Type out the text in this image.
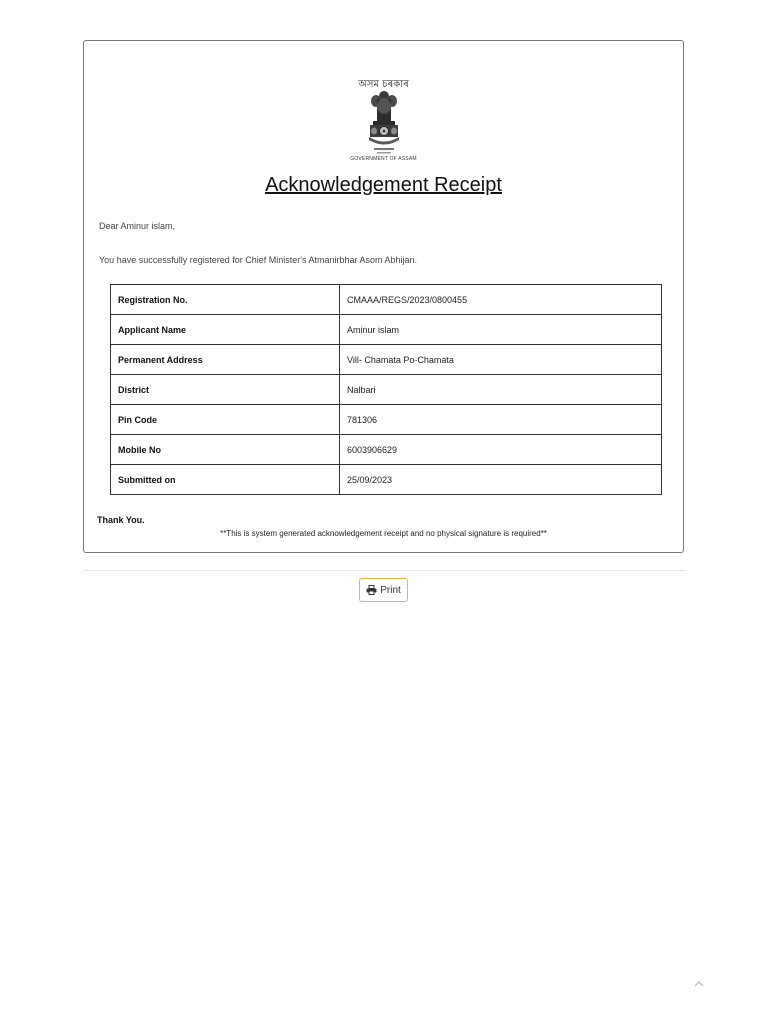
অসম চৰকাৰ
GOVERNMENT OF ASSAM
Acknowledgement Receipt
Dear Aminur islam,
You have successfully registered for Chief Minister's Atmanirbhar Asom Abhijan.
Registration No.	CMAAA/REGS/2023/0800455
Applicant Name	Aminur islam
Permanent Address	Vill- Chamata Po-Chamata
District	Nalbari
Pin Code	781306
Mobile No	6003906629
Submitted on	25/09/2023
Thank You.
**This is system generated acknowledgement receipt and no physical signature is required**
Print
